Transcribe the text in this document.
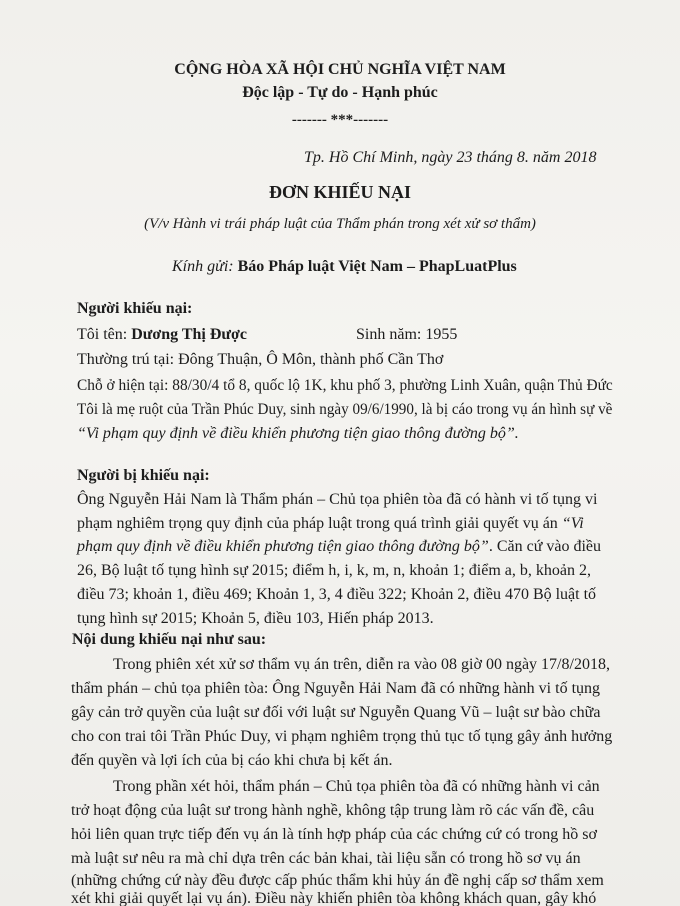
CỘNG HÒA XÃ HỘI CHỦ NGHĨA VIỆT NAM
Độc lập - Tự do - Hạnh phúc
------- ***-------
Tp. Hồ Chí Minh, ngày 23 tháng 8. năm 2018
ĐƠN KHIẾU NẠI
(V/v Hành vi trái pháp luật của Thẩm phán trong xét xử sơ thẩm)
Kính gửi: Báo Pháp luật Việt Nam – PhapLuatPlus
Người khiếu nại:
Tôi tên: Dương Thị Được	Sinh năm: 1955
Thường trú tại: Đông Thuận, Ô Môn, thành phố Cần Thơ
Chỗ ở hiện tại: 88/30/4 tổ 8, quốc lộ 1K, khu phố 3, phường Linh Xuân, quận Thủ Đức
Tôi là mẹ ruột của Trần Phúc Duy, sinh ngày 09/6/1990, là bị cáo trong vụ án hình sự về
“Vi phạm quy định về điều khiển phương tiện giao thông đường bộ”.
Người bị khiếu nại:
Ông Nguyễn Hải Nam là Thẩm phán – Chủ tọa phiên tòa đã có hành vi tố tụng vi
phạm nghiêm trọng quy định của pháp luật trong quá trình giải quyết vụ án “Vi
phạm quy định về điều khiển phương tiện giao thông đường bộ”. Căn cứ vào điều
26, Bộ luật tố tụng hình sự 2015; điểm h, i, k, m, n, khoản 1; điểm a, b, khoản 2,
điều 73; khoản 1, điều 469; Khoản 1, 3, 4 điều 322; Khoản 2, điều 470 Bộ luật tố
tụng hình sự 2015; Khoản 5, điều 103, Hiến pháp 2013.
Nội dung khiếu nại như sau:
Trong phiên xét xử sơ thẩm vụ án trên, diễn ra vào 08 giờ 00 ngày 17/8/2018,
thẩm phán – chủ tọa phiên tòa: Ông Nguyễn Hải Nam đã có những hành vi tố tụng
gây cản trở quyền của luật sư đối với luật sư Nguyễn Quang Vũ – luật sư bào chữa
cho con trai tôi Trần Phúc Duy, vi phạm nghiêm trọng thủ tục tố tụng gây ảnh hưởng
đến quyền và lợi ích của bị cáo khi chưa bị kết án.
Trong phần xét hỏi, thẩm phán – Chủ tọa phiên tòa đã có những hành vi cản
trở hoạt động của luật sư trong hành nghề, không tập trung làm rõ các vấn đề, câu
hỏi liên quan trực tiếp đến vụ án là tính hợp pháp của các chứng cứ có trong hồ sơ
mà luật sư nêu ra mà chỉ dựa trên các bản khai, tài liệu sẵn có trong hồ sơ vụ án
(những chứng cứ này đều được cấp phúc thẩm khi hủy án đề nghị cấp sơ thẩm xem
xét khi giải quyết lại vụ án). Điều này khiến phiên tòa không khách quan, gây khó
